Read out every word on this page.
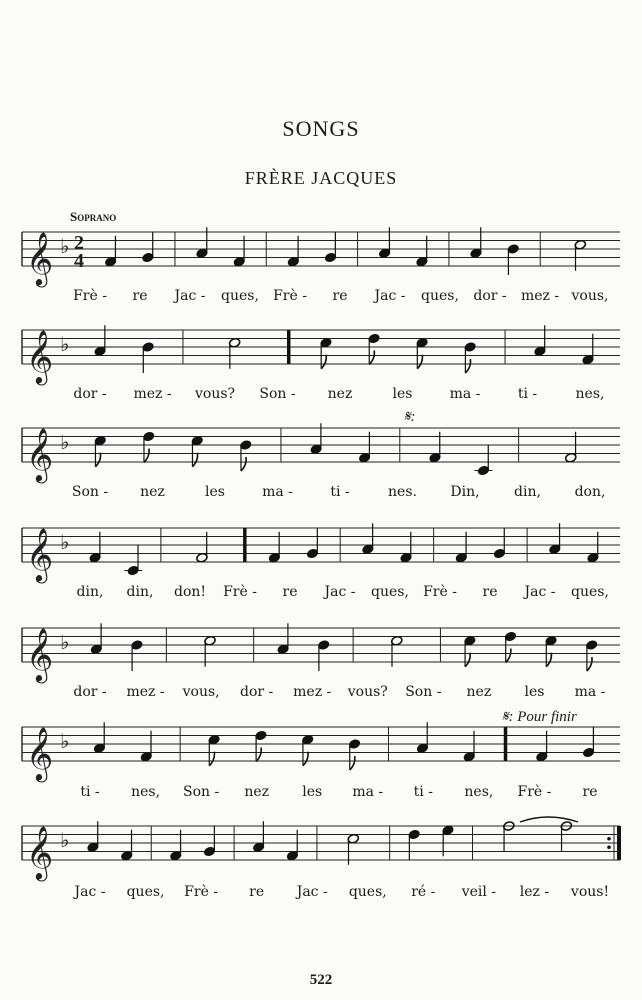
SONGS
FRÈRE JACQUES
Soprano
𝄞 ♭ 2
4
𝄞 ♭
𝄞 ♭
𝄞 ♭
𝄞 ♭
𝄞 ♭
𝄞 ♭
Frè - re Jac - ques, Frè - re Jac - ques, dor - mez - vous,
dor - mez - vous? Son - nez	les	ma -	ti -	nes,
Son - nez	les	ma -	ti -	nes. Din, din, don,
din, din, don! Frè - re Jac - ques, Frè - re Jac - ques,
dor - mez - vous, dor - mez - vous? Son - nez les ma -
ti - nes, Son - nez les ma - ti - nes, Frè - re
Jac - ques, Frè - re Jac - ques, ré - veil - lez - vous!
𝄋:
𝄋: Pour finir
522
